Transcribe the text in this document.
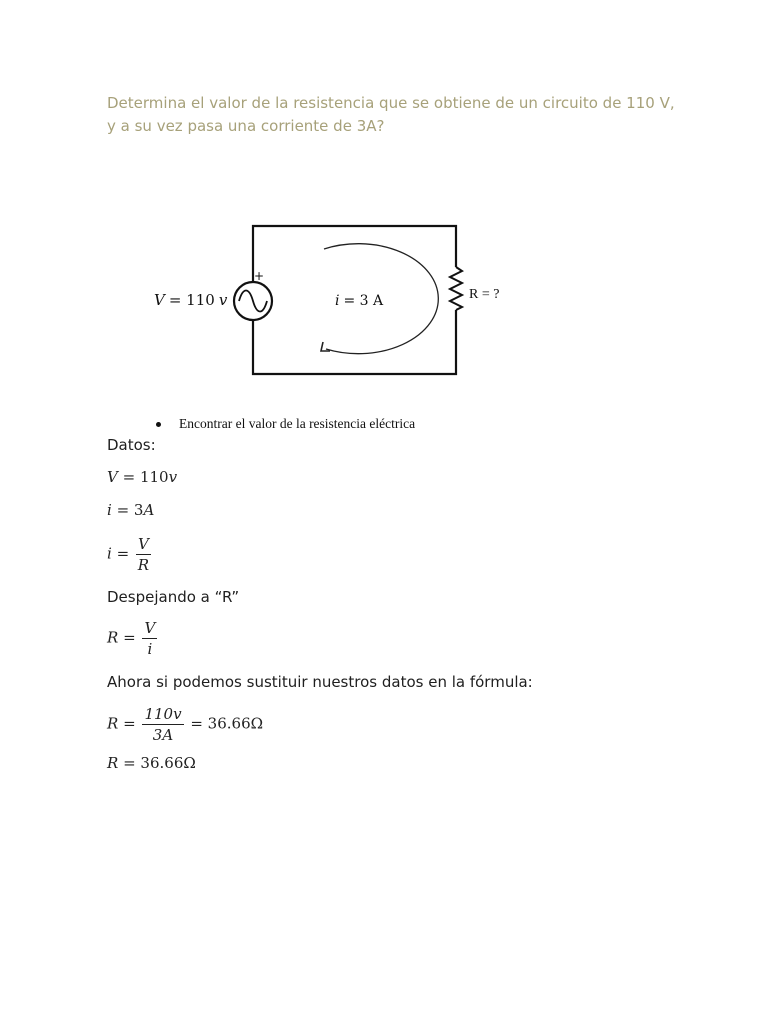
Determina el valor de la resistencia que se obtiene de un circuito de 110 V, y a su vez pasa una corriente de 3A?
+
V = 110 v	i = 3 A	R = ?
Encontrar el valor de la resistencia eléctrica
Datos:
V = 110v
i = 3A
$i = \frac{V}{R}$
Despejando a “R”
$R = \frac{V}{i}$
Ahora si podemos sustituir nuestros datos en la fórmula:
$R = \frac{110v}{3A} = 36.66\Omega$
R = 36.66Ω
